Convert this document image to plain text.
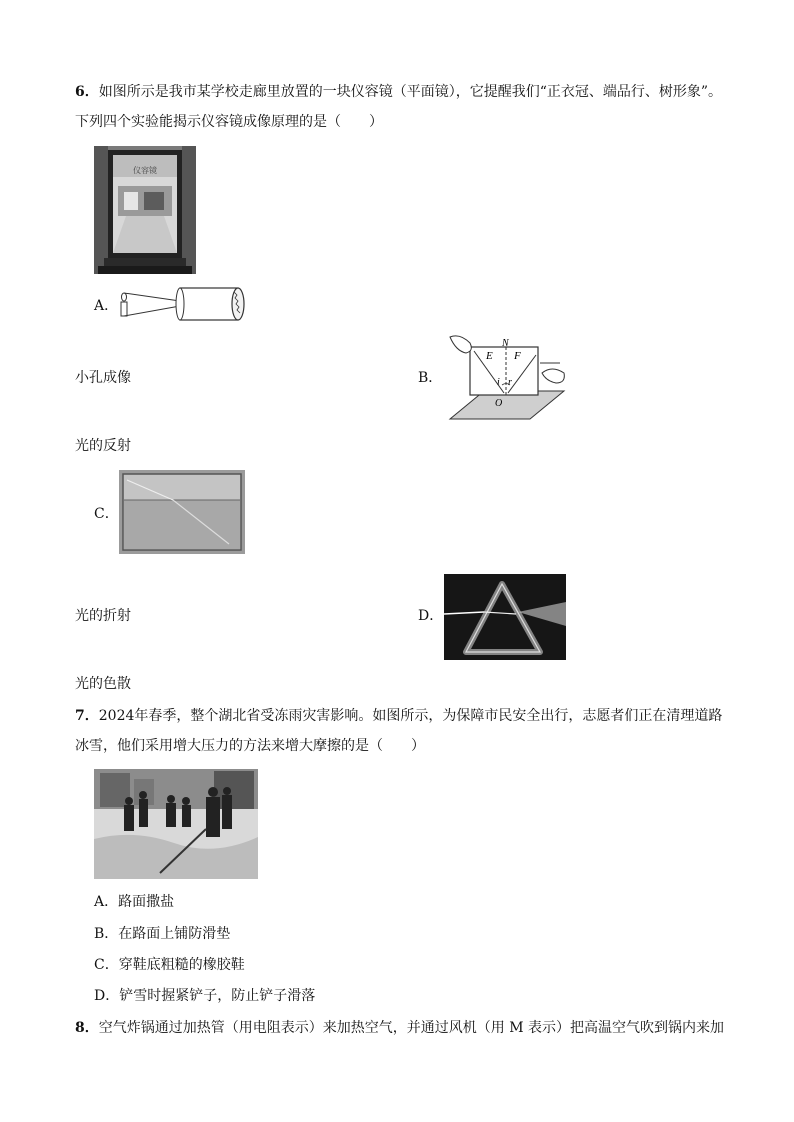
6．如图所示是我市某学校走廊里放置的一块仪容镜（平面镜），它提醒我们“正衣冠、端品行、树形象”。
下列四个实验能揭示仪容镜成像原理的是（　　）
仪容镜
A．
小孔成像	B．
N
E F
i r
O
光的反射
C．
光的折射	D．
光的色散
7．2024年春季，整个湖北省受冻雨灾害影响。如图所示，为保障市民安全出行，志愿者们正在清理道路
冰雪，他们采用增大压力的方法来增大摩擦的是（　　）
A．路面撒盐
B．在路面上铺防滑垫
C．穿鞋底粗糙的橡胶鞋
D．铲雪时握紧铲子，防止铲子滑落
8．空气炸锅通过加热管（用电阻表示）来加热空气，并通过风机（用 M 表示）把高温空气吹到锅内来加
